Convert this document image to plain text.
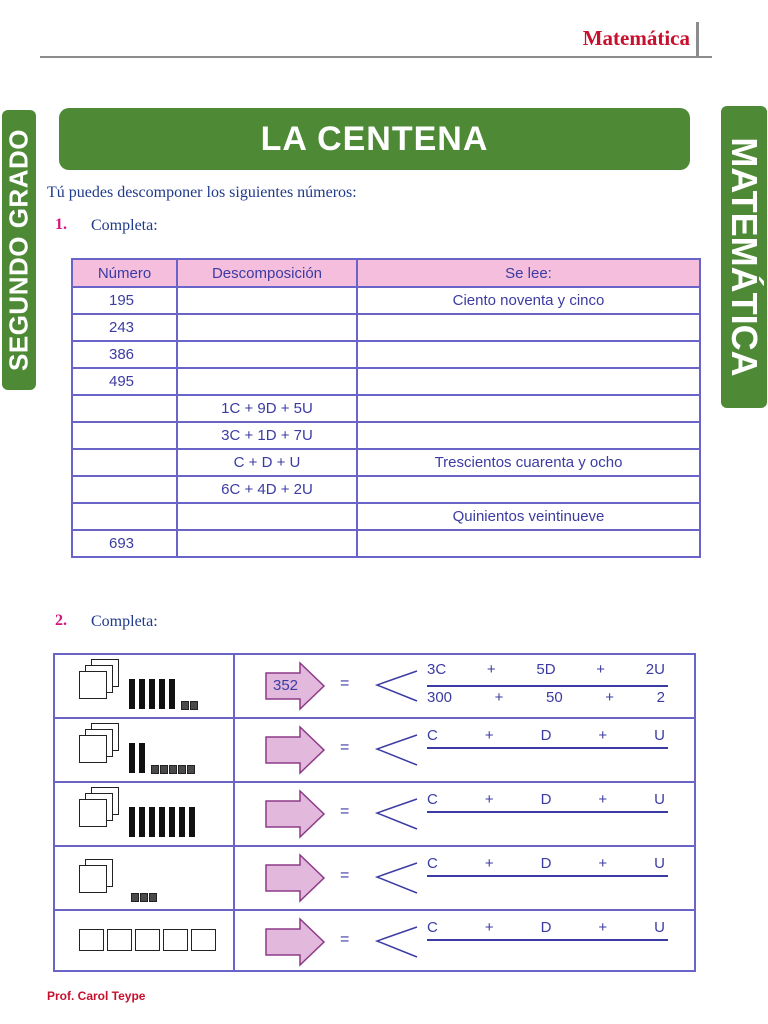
Matemática
SEGUNDO GRADO	MATEMÁTICA
LA CENTENA
Tú puedes descomponer los siguientes números:
1. Completa:
Número	Descomposición	Se lee:
195		Ciento noventa y cinco
243		
386		
495		
	1C + 9D + 5U	
	3C + 1D + 7U	
	C + D + U	Trescientos cuarenta y ocho
	6C + 4D + 2U	
		Quinientos veintinueve
693		
2. Completa:
352	=
3C	+	5D	+	2U
300	+	50	+	2
=
C	+	D	+	U
=
C	+	D	+	U
=
C	+	D	+	U
=
C	+	D	+	U
Prof. Carol Teype
